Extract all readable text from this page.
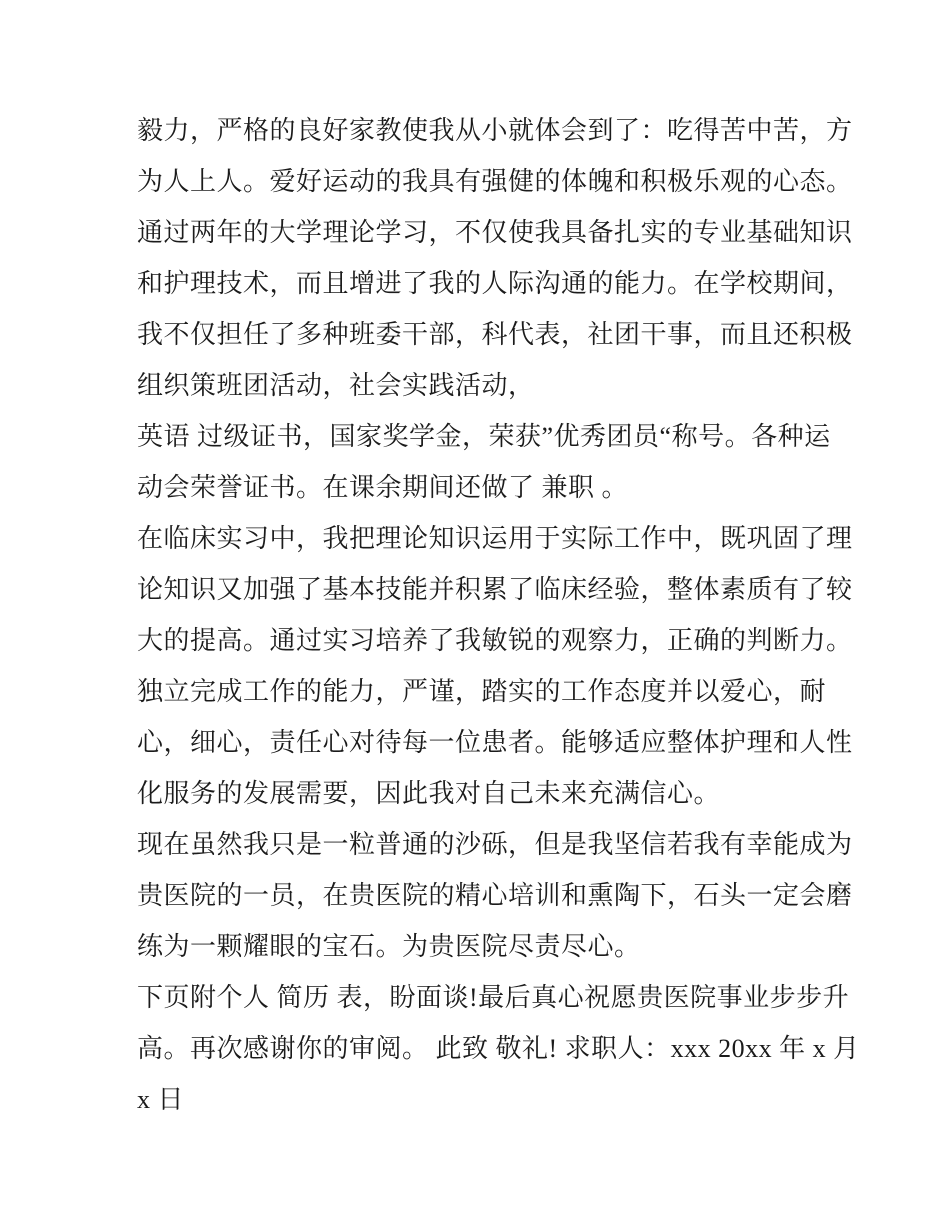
毅力，严格的良好家教使我从小就体会到了：吃得苦中苦，方
为人上人。爱好运动的我具有强健的体魄和积极乐观的心态。
通过两年的大学理论学习，不仅使我具备扎实的专业基础知识
和护理技术，而且增进了我的人际沟通的能力。在学校期间，
我不仅担任了多种班委干部，科代表，社团干事，而且还积极
组织策班团活动，社会实践活动，
英语 过级证书，国家奖学金，荣获”优秀团员“称号。各种运
动会荣誉证书。在课余期间还做了 兼职 。
在临床实习中，我把理论知识运用于实际工作中，既巩固了理
论知识又加强了基本技能并积累了临床经验，整体素质有了较
大的提高。通过实习培养了我敏锐的观察力，正确的判断力。
独立完成工作的能力，严谨，踏实的工作态度并以爱心，耐
心，细心，责任心对待每一位患者。能够适应整体护理和人性
化服务的发展需要，因此我对自己未来充满信心。
现在虽然我只是一粒普通的沙砾，但是我坚信若我有幸能成为
贵医院的一员，在贵医院的精心培训和熏陶下，石头一定会磨
练为一颗耀眼的宝石。为贵医院尽责尽心。
下页附个人 简历 表，盼面谈!最后真心祝愿贵医院事业步步升
高。再次感谢你的审阅。 此致 敬礼! 求职人：xxx 20xx 年 x 月
x 日
